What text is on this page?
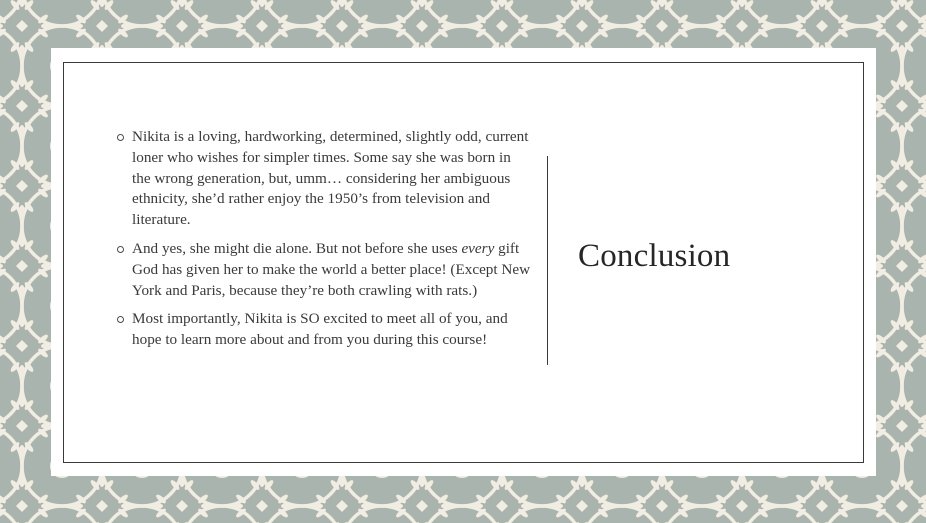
Nikita is a loving, hardworking, determined, slightly odd, current loner who wishes for simpler times. Some say she was born in the wrong generation, but, umm… considering her ambiguous ethnicity, she’d rather enjoy the 1950’s from television and literature.
And yes, she might die alone. But not before she uses every gift God has given her to make the world a better place! (Except New York and Paris, because they’re both crawling with rats.)
Most importantly, Nikita is SO excited to meet all of you, and hope to learn more about and from you during this course!
Conclusion
